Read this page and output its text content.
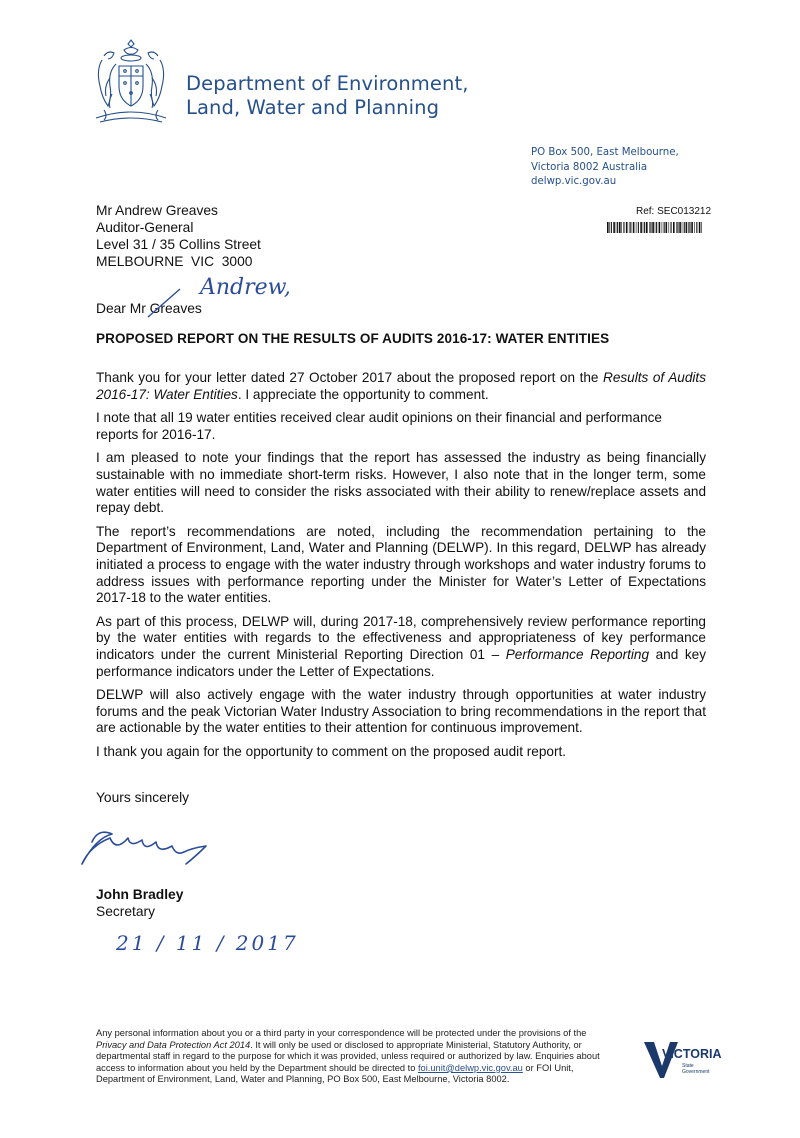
Department of Environment,
Land, Water and Planning
PO Box 500, East Melbourne,
Victoria 8002 Australia
delwp.vic.gov.au
Mr Andrew Greaves
Auditor-General
Level 31 / 35 Collins Street
MELBOURNE  VIC  3000
Ref: SEC013212
Dear Mr Greaves
Andrew,
PROPOSED REPORT ON THE RESULTS OF AUDITS 2016-17: WATER ENTITIES

Thank you for your letter dated 27 October 2017 about the proposed report on the Results of Audits 2016-17: Water Entities. I appreciate the opportunity to comment.

I note that all 19 water entities received clear audit opinions on their financial and performance reports for 2016-17.

I am pleased to note your findings that the report has assessed the industry as being financially sustainable with no immediate short-term risks. However, I also note that in the longer term, some water entities will need to consider the risks associated with their ability to renew/replace assets and repay debt.

The report’s recommendations are noted, including the recommendation pertaining to the Department of Environment, Land, Water and Planning (DELWP). In this regard, DELWP has already initiated a process to engage with the water industry through workshops and water industry forums to address issues with performance reporting under the Minister for Water’s Letter of Expectations 2017-18 to the water entities.

As part of this process, DELWP will, during 2017-18, comprehensively review performance reporting by the water entities with regards to the effectiveness and appropriateness of key performance indicators under the current Ministerial Reporting Direction 01 – Performance Reporting and key performance indicators under the Letter of Expectations.

DELWP will also actively engage with the water industry through opportunities at water industry forums and the peak Victorian Water Industry Association to bring recommendations in the report that are actionable by the water entities to their attention for continuous improvement.

I thank you again for the opportunity to comment on the proposed audit report.

Yours sincerely
John Bradley
Secretary
21 / 11 / 2017
Any personal information about you or a third party in your correspondence will be protected under the provisions of the Privacy and Data Protection Act 2014. It will only be used or disclosed to appropriate Ministerial, Statutory Authority, or departmental staff in regard to the purpose for which it was provided, unless required or authorized by law. Enquiries about access to information about you held by the Department should be directed to foi.unit@delwp.vic.gov.au or FOI Unit, Department of Environment, Land, Water and Planning, PO Box 500, East Melbourne, Victoria 8002.
VICTORIA
State
Government
